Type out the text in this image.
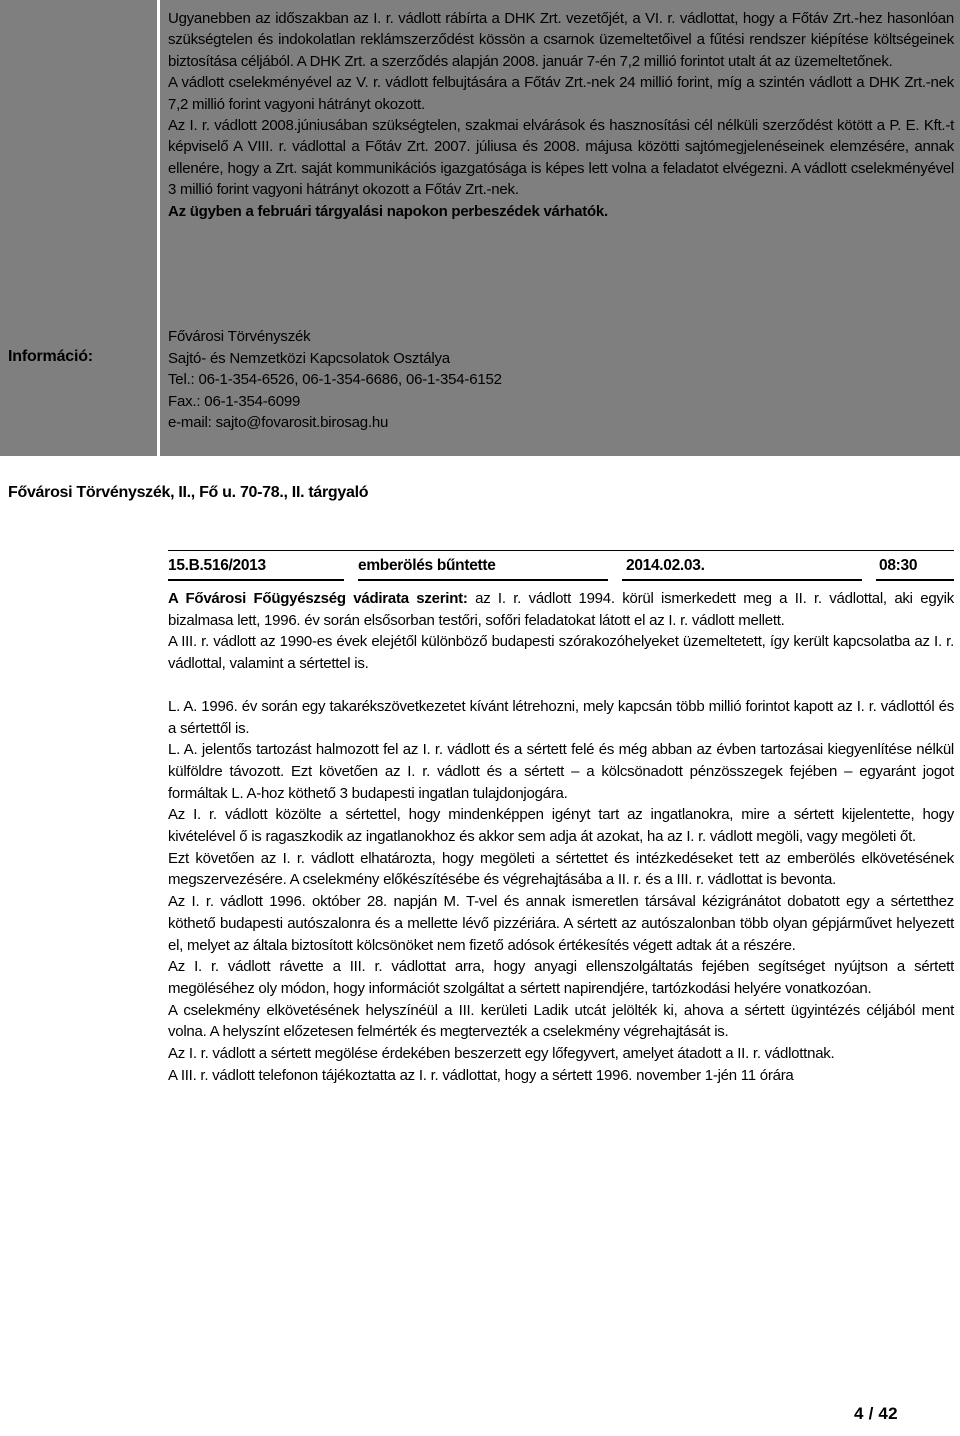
Információ:

Ugyanebben az időszakban az I. r. vádlott rábírta a DHK Zrt. vezetőjét, a VI. r. vádlottat, hogy a Főtáv Zrt.-hez hasonlóan szükségtelen és indokolatlan reklámszerződést kössön a csarnok üzemeltetőivel a fűtési rendszer kiépítése költségeinek biztosítása céljából. A DHK Zrt. a szerződés alapján 2008. január 7-én 7,2 millió forintot utalt át az üzemeltetőnek.

A vádlott cselekményével az V. r. vádlott felbujtására a Főtáv Zrt.-nek 24 millió forint, míg a szintén vádlott a DHK Zrt.-nek 7,2 millió forint vagyoni hátrányt okozott.

Az I. r. vádlott 2008.júniusában szükségtelen, szakmai elvárások és hasznosítási cél nélküli szerződést kötött a P. E. Kft.-t képviselő A VIII. r. vádlottal a Főtáv Zrt. 2007. júliusa és 2008. májusa közötti sajtómegjelenéseinek elemzésére, annak ellenére, hogy a Zrt. saját kommunikációs igazgatósága is képes lett volna a feladatot elvégezni. A vádlott cselekményével 3 millió forint vagyoni hátrányt okozott a Főtáv Zrt.-nek.

Az ügyben a februári tárgyalási napokon perbeszédek várhatók.

Fővárosi Törvényszék
Sajtó- és Nemzetközi Kapcsolatok Osztálya
Tel.: 06-1-354-6526, 06-1-354-6686, 06-1-354-6152
Fax.: 06-1-354-6099
e-mail: sajto@fovarosit.birosag.hu
Fővárosi Törvényszék, II., Fő u. 70-78., II. tárgyaló
15.B.516/2013	emberölés bűntette	2014.02.03.	08:30

A Fővárosi Főügyészség vádirata szerint: az I. r. vádlott 1994. körül ismerkedett meg a II. r. vádlottal, aki egyik bizalmasa lett, 1996. év során elsősorban testőri, sofőri feladatokat látott el az I. r. vádlott mellett.

A III. r. vádlott az 1990-es évek elejétől különböző budapesti szórakozóhelyeket üzemeltetett, így került kapcsolatba az I. r. vádlottal, valamint a sértettel is.

L. A. 1996. év során egy takarékszövetkezetet kívánt létrehozni, mely kapcsán több millió forintot kapott az I. r. vádlottól és a sértettől is.

L. A. jelentős tartozást halmozott fel az I. r. vádlott és a sértett felé és még abban az évben tartozásai kiegyenlítése nélkül külföldre távozott. Ezt követően az I. r. vádlott és a sértett – a kölcsönadott pénzösszegek fejében – egyaránt jogot formáltak L. A-hoz köthető 3 budapesti ingatlan tulajdonjogára.

Az I. r. vádlott közölte a sértettel, hogy mindenképpen igényt tart az ingatlanokra, mire a sértett kijelentette, hogy kivételével ő is ragaszkodik az ingatlanokhoz és akkor sem adja át azokat, ha az I. r. vádlott megöli, vagy megöleti őt.

Ezt követően az I. r. vádlott elhatározta, hogy megöleti a sértettet és intézkedéseket tett az emberölés elkövetésének megszervezésére. A cselekmény előkészítésébe és végrehajtásába a II. r. és a III. r. vádlottat is bevonta.

Az I. r. vádlott 1996. október 28. napján M. T-vel és annak ismeretlen társával kézigránátot dobatott egy a sértetthez köthető budapesti autószalonra és a mellette lévő pizzériára. A sértett az autószalonban több olyan gépjárművet helyezett el, melyet az általa biztosított kölcsönöket nem fizető adósok értékesítés végett adtak át a részére.

Az I. r. vádlott rávette a III. r. vádlottat arra, hogy anyagi ellenszolgáltatás fejében segítséget nyújtson a sértett megöléséhez oly módon, hogy információt szolgáltat a sértett napirendjére, tartózkodási helyére vonatkozóan.

A cselekmény elkövetésének helyszínéül a III. kerületi Ladik utcát jelölték ki, ahova a sértett ügyintézés céljából ment volna. A helyszínt előzetesen felmérték és megtervezték a cselekmény végrehajtását is.

Az I. r. vádlott a sértett megölése érdekében beszerzett egy lőfegyvert, amelyet átadott a II. r. vádlottnak.

A III. r. vádlott telefonon tájékoztatta az I. r. vádlottat, hogy a sértett 1996. november 1-jén 11 órára

4 / 42
